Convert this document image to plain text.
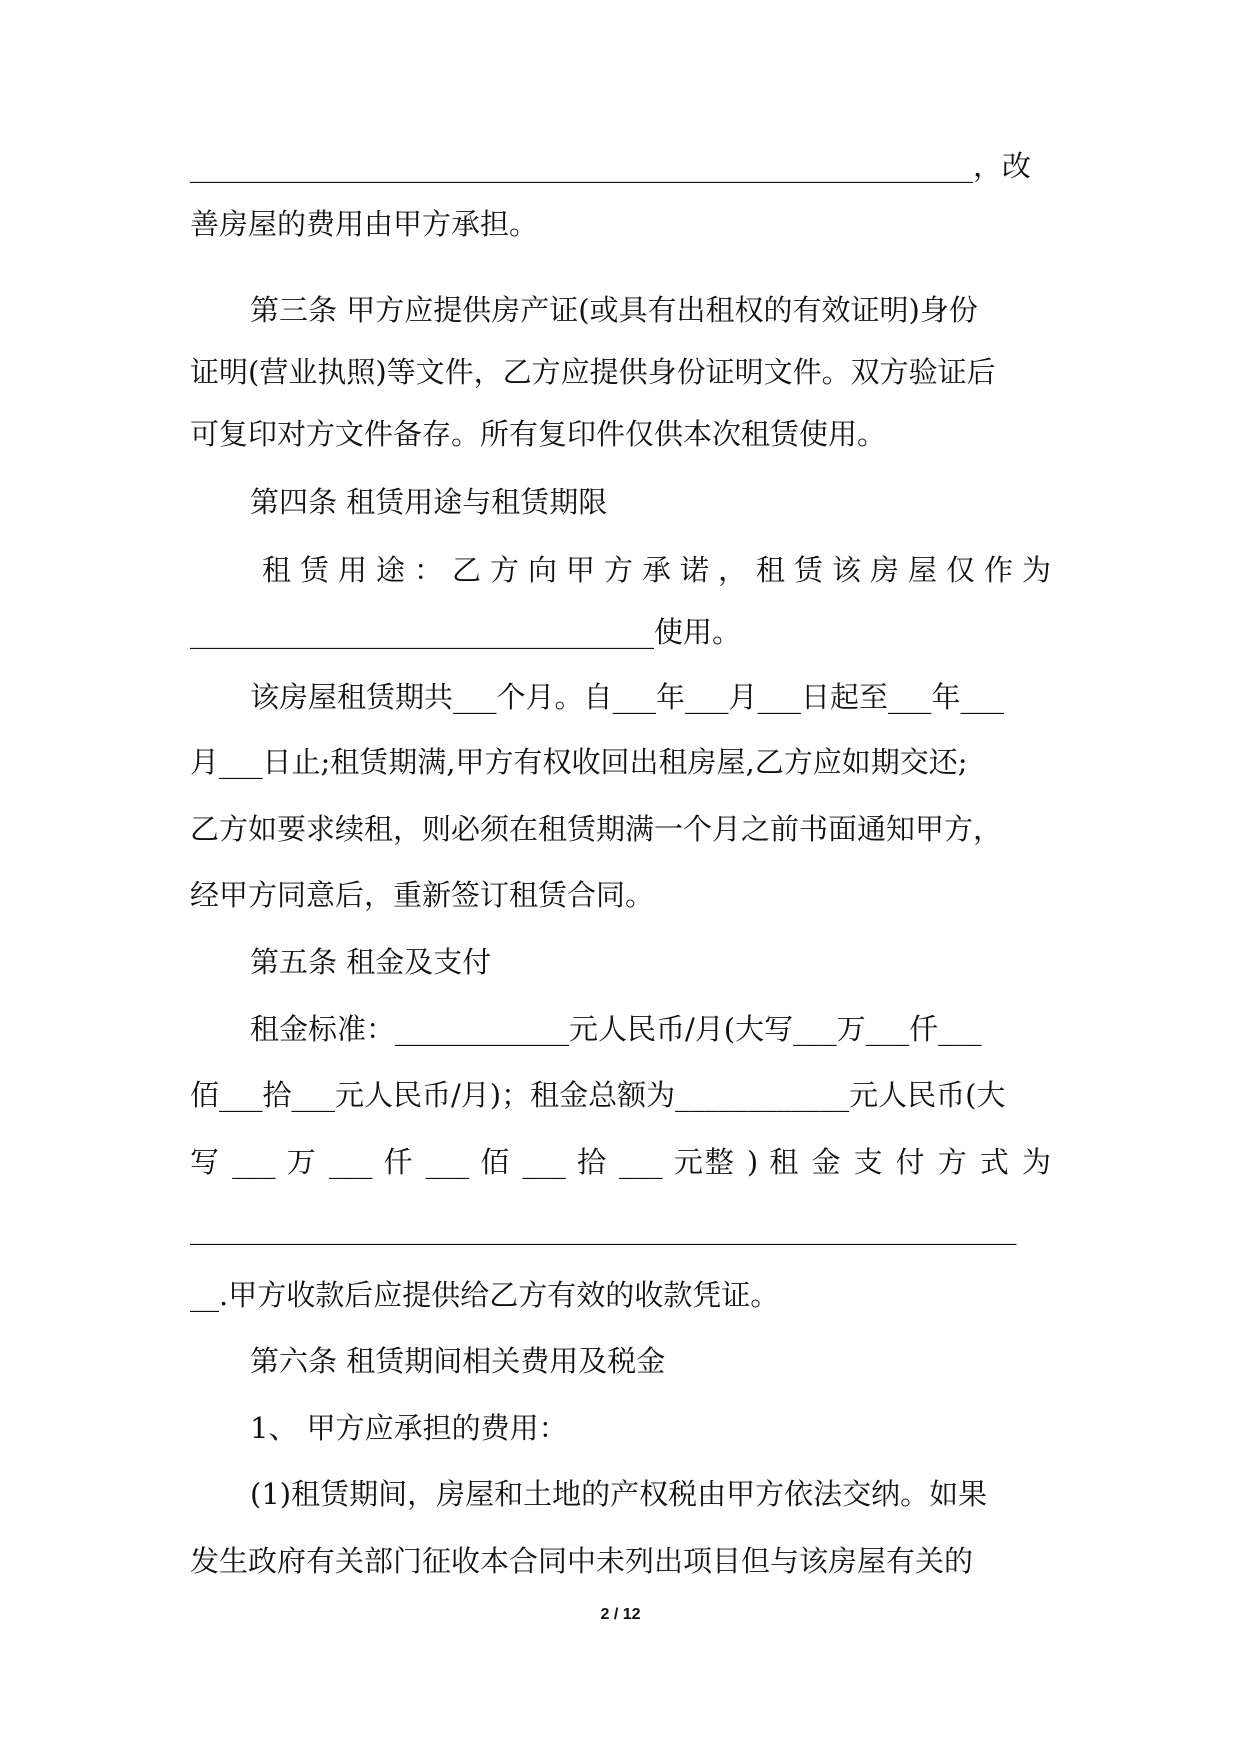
______________________________________________________，改
善房屋的费用由甲方承担。
第三条 甲方应提供房产证(或具有出租权的有效证明)身份
证明(营业执照)等文件，乙方应提供身份证明文件。双方验证后
可复印对方文件备存。所有复印件仅供本次租赁使用。
第四条 租赁用途与租赁期限
租赁用途：乙方向甲方承诺，租赁该房屋仅作为
________________________________使用。
该房屋租赁期共___个月。自___年___月___日起至___年___
月___日止;租赁期满,甲方有权收回出租房屋,乙方应如期交还;
乙方如要求续租，则必须在租赁期满一个月之前书面通知甲方，
经甲方同意后，重新签订租赁合同。
第五条 租金及支付
租金标准：____________元人民币/月(大写___万___仟___
佰___拾___元人民币/月)；租金总额为____________元人民币(大
写 ___ 万 ___ 仟 ___ 佰 ___ 拾 ___ 元整 ) 租 金 支 付 方 式 为
_________________________________________________________
__.甲方收款后应提供给乙方有效的收款凭证。
第六条 租赁期间相关费用及税金
1、 甲方应承担的费用：
(1)租赁期间，房屋和土地的产权税由甲方依法交纳。如果
发生政府有关部门征收本合同中未列出项目但与该房屋有关的
2 / 12
